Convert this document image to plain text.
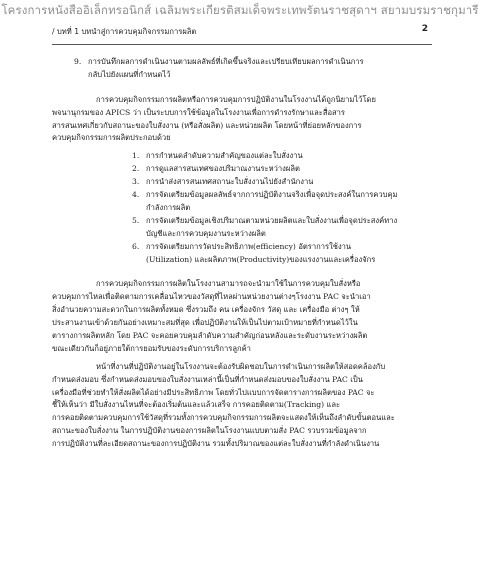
โครงการหนังสืออิเล็กทรอนิกส์ เฉลิมพระเกียรติสมเด็จพระเทพรัตนราชสุดาฯ สยามบรมราชกุมารี
/ บทที่ 1 บทนำสู่การควบคุมกิจกรรมการผลิต	2
9. การบันทึกผลการดำเนินงานตามผลลัพธ์ที่เกิดขึ้นจริงและเปรียบเทียบผลการดำเนินการ
กลับไปยังแผนที่กำหนดไว้
การควบคุมกิจกรรมการผลิตหรือการควบคุมการปฏิบัติงานในโรงงานได้ถูกนิยามไว้โดย
พจนานุกรมของ APICS ว่า เป็นระบบการใช้ข้อมูลในโรงงานเพื่อการดำรงรักษาและสื่อสาร
สารสนเทศเกี่ยวกับสถานะของใบสั่งงาน (หรือสั่งผลิต) และหน่วยผลิต โดยหน้าที่ย่อยหลักของการ
ควบคุมกิจกรรมการผลิตประกอบด้วย
1. การกำหนดลำดับความสำคัญของแต่ละใบสั่งงาน
2. การดูแลสารสนเทศของปริมาณงานระหว่างผลิต
3. การนำส่งสารสนเทศสถานะใบสั่งงานไปยังสำนักงาน
4. การจัดเตรียมข้อมูลผลลัพธ์จากการปฏิบัติงานจริงเพื่อจุดประสงค์ในการควบคุม
กำลังการผลิต
5. การจัดเตรียมข้อมูลเชิงปริมาณตามหน่วยผลิตและใบสั่งงานเพื่อจุดประสงค์ทาง
บัญชีและการควบคุมงานระหว่างผลิต
6. การจัดเตรียมการวัดประสิทธิภาพ(efficiency) อัตราการใช้งาน
(Utilization) และผลิตภาพ(Productivity)ของแรงงานและเครื่องจักร
การควบคุมกิจกรรมการผลิตในโรงงานสามารถจะนำมาใช้ในการควบคุมใบสั่งหรือ
ควบคุมการไหลเพื่อติดตามการเคลื่อนไหวของวัสดุที่ไหลผ่านหน่วยงานต่างๆโรงงาน PAC จะนำเอา
สิ่งอำนวยความสะดวกในการผลิตทั้งหมด ซึ่งรวมถึง คน เครื่องจักร วัสดุ และ เครื่องมือ ต่างๆ ให้
ประสานงานเข้าด้วยกันอย่างเหมาะสมที่สุด เพื่อปฏิบัติงานให้เป็นไปตามเป้าหมายที่กำหนดไว้ใน
ตารางการผลิตหลัก โดย PAC จะคอยควบคุมลำดับความสำคัญก่อนหลังและระดับงานระหว่างผลิต
ขณะเดียวกันก็อยู่ภายใต้การยอมรับของระดับการบริการลูกค้า
หน้าที่งานที่ปฏิบัติงานอยู่ในโรงงานจะต้องรับผิดชอบในการดำเนินการผลิตให้สอดคล้องกับ
กำหนดส่งมอบ ซึ่งกำหนดส่งมอบของใบสั่งงานเหล่านี้เป็นที่กำหนดส่งมอบของใบสั่งงาน PAC เป็น
เครื่องมือที่ช่วยทำให้สั่งผลิตได้อย่างมีประสิทธิภาพ โดยทั่วไปแบบการจัดตารางการผลิตของ PAC จะ
ชี้ให้เห็นว่า มีใบสั่งงานไหนที่จะต้องเริ่มต้นและแล้วเสร็จ การคอยติดตาม(Tracking) และ
การคอยติดตามควบคุมการใช้วัสดุที่รวมทั้งการควบคุมกิจกรรมการผลิตจะแสดงให้เห็นถึงลำดับขั้นตอนและ
สถานะของใบสั่งงาน ในการปฏิบัติงานของการผลิตในโรงงานแบบตามสั่ง PAC รวบรวมข้อมูลจาก
การปฏิบัติงานที่ละเอียดสถานะของการปฏิบัติงาน รวมทั้งปริมาณของแต่ละใบสั่งงานที่กำลังดำเนินงาน
